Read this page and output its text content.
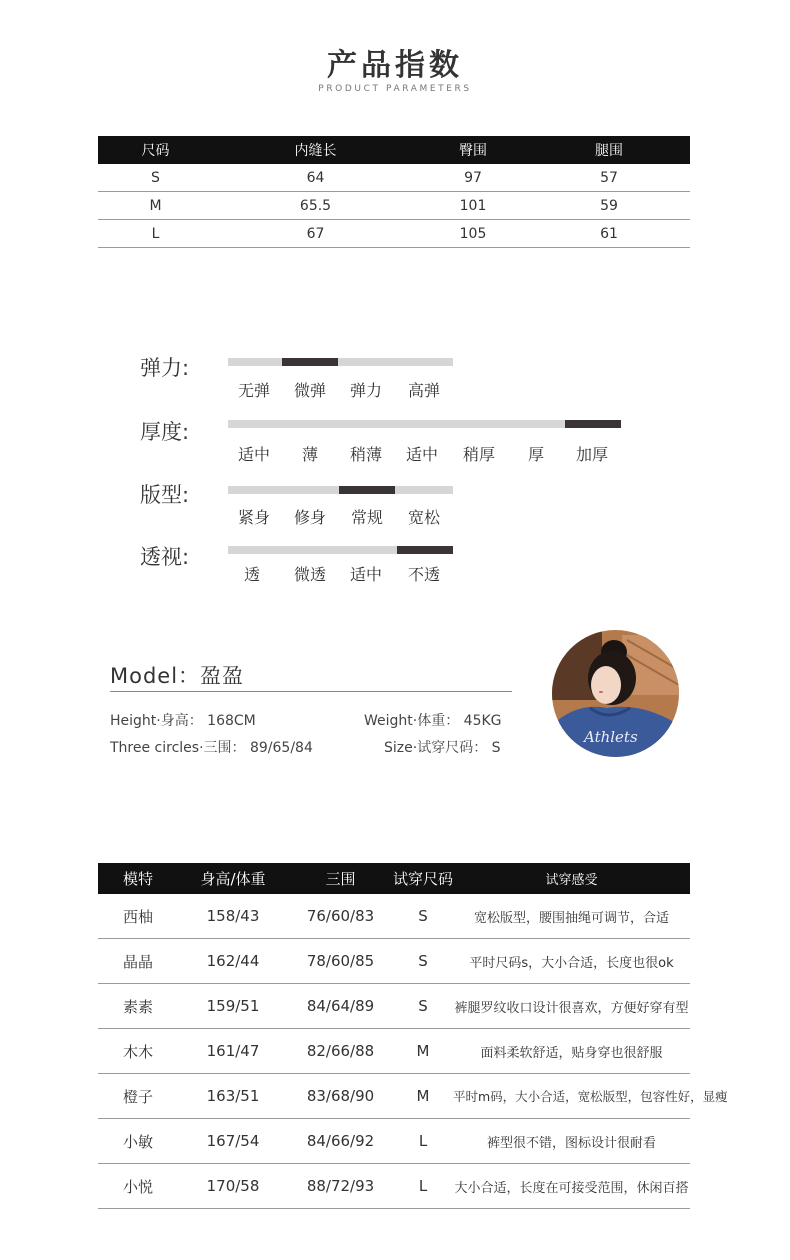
产品指数
PRODUCT PARAMETERS
尺码	内缝长	臀围	腿围
S	64	97	57
M	65.5	101	59
L	67	105	61
弹力:
无弹	微弹	弹力	高弹
厚度:
适中	薄	稍薄	适中	稍厚	厚	加厚
版型:
紧身	修身	常规	宽松
透视:
透	微透	适中	不透
Model：盈盈
Height·身高： 168CM	Weight·体重： 45KG
Three circles·三围： 89/65/84	Size·试穿尺码： S
Athlets
模特	身高/体重	三围	试穿尺码	试穿感受
西柚	158/43	76/60/83	S	宽松版型，腰围抽绳可调节，合适
晶晶	162/44	78/60/85	S	平时尺码s，大小合适，长度也很ok
素素	159/51	84/64/89	S	裤腿罗纹收口设计很喜欢，方便好穿有型
木木	161/47	82/66/88	M	面料柔软舒适，贴身穿也很舒服
橙子	163/51	83/68/90	M	平时m码，大小合适，宽松版型，包容性好，显瘦
小敏	167/54	84/66/92	L	裤型很不错，图标设计很耐看
小悦	170/58	88/72/93	L	大小合适，长度在可接受范围，休闲百搭
